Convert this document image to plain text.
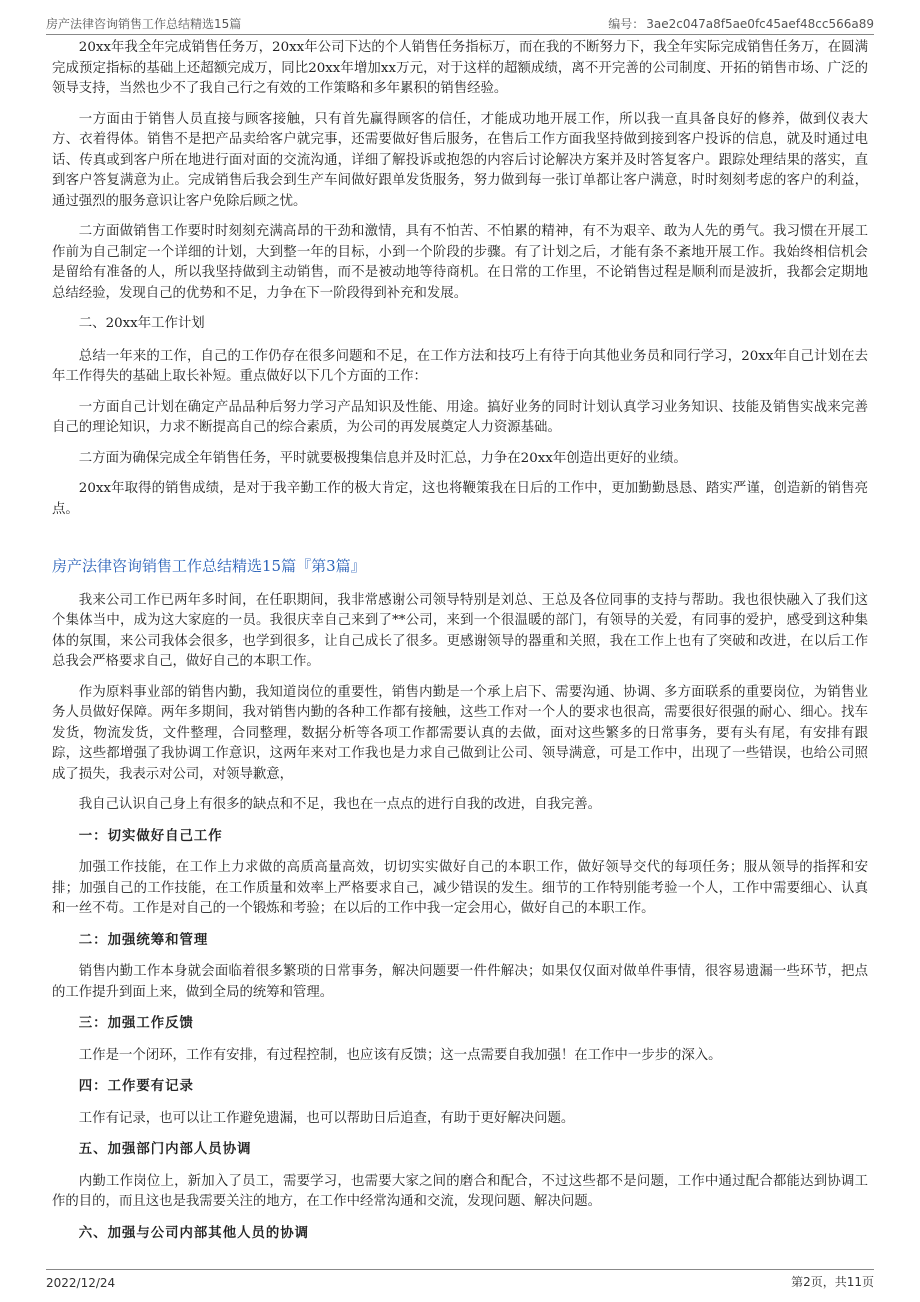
房产法律咨询销售工作总结精选15篇	编号： 3ae2c047a8f5ae0fc45aef48cc566a89

20xx年我全年完成销售任务万，20xx年公司下达的个人销售任务指标万，而在我的不断努力下，我全年实际完成销售任务万，在圆满完成预定指标的基础上还超额完成万，同比20xx年增加xx万元，对于这样的超额成绩，离不开完善的公司制度、开拓的销售市场、广泛的领导支持，当然也少不了我自己行之有效的工作策略和多年累积的销售经验。

一方面由于销售人员直接与顾客接触，只有首先赢得顾客的信任，才能成功地开展工作，所以我一直具备良好的修养，做到仪表大方、衣着得体。销售不是把产品卖给客户就完事，还需要做好售后服务，在售后工作方面我坚持做到接到客户投诉的信息，就及时通过电话、传真或到客户所在地进行面对面的交流沟通，详细了解投诉或抱怨的内容后讨论解决方案并及时答复客户。跟踪处理结果的落实，直到客户答复满意为止。完成销售后我会到生产车间做好跟单发货服务，努力做到每一张订单都让客户满意，时时刻刻考虑的客户的利益，通过强烈的服务意识让客户免除后顾之忧。

二方面做销售工作要时时刻刻充满高昂的干劲和激情，具有不怕苦、不怕累的精神，有不为艰辛、敢为人先的勇气。我习惯在开展工作前为自己制定一个详细的计划，大到整一年的目标，小到一个阶段的步骤。有了计划之后，才能有条不紊地开展工作。我始终相信机会是留给有准备的人，所以我坚持做到主动销售，而不是被动地等待商机。在日常的工作里，不论销售过程是顺利而是波折，我都会定期地总结经验，发现自己的优势和不足，力争在下一阶段得到补充和发展。

二、20xx年工作计划

总结一年来的工作，自己的工作仍存在很多问题和不足，在工作方法和技巧上有待于向其他业务员和同行学习，20xx年自己计划在去年工作得失的基础上取长补短。重点做好以下几个方面的工作：

一方面自己计划在确定产品品种后努力学习产品知识及性能、用途。搞好业务的同时计划认真学习业务知识、技能及销售实战来完善自己的理论知识，力求不断提高自己的综合素质，为公司的再发展奠定人力资源基础。

二方面为确保完成全年销售任务，平时就要极搜集信息并及时汇总，力争在20xx年创造出更好的业绩。

20xx年取得的销售成绩，是对于我辛勤工作的极大肯定，这也将鞭策我在日后的工作中，更加勤勤恳恳、踏实严谨，创造新的销售亮点。

房产法律咨询销售工作总结精选15篇『第3篇』

我来公司工作已两年多时间，在任职期间，我非常感谢公司领导特别是刘总、王总及各位同事的支持与帮助。我也很快融入了我们这个集体当中，成为这大家庭的一员。我很庆幸自己来到了**公司，来到一个很温暖的部门，有领导的关爱，有同事的爱护，感受到这种集体的氛围，来公司我体会很多，也学到很多，让自己成长了很多。更感谢领导的器重和关照，我在工作上也有了突破和改进，在以后工作总我会严格要求自己，做好自己的本职工作。

作为原料事业部的销售内勤，我知道岗位的重要性，销售内勤是一个承上启下、需要沟通、协调、多方面联系的重要岗位，为销售业务人员做好保障。两年多期间，我对销售内勤的各种工作都有接触，这些工作对一个人的要求也很高，需要很好很强的耐心、细心。找车发货，物流发货，文件整理，合同整理，数据分析等各项工作都需要认真的去做，面对这些繁多的日常事务，要有头有尾，有安排有跟踪，这些都增强了我协调工作意识，这两年来对工作我也是力求自己做到让公司、领导满意，可是工作中，出现了一些错误，也给公司照成了损失，我表示对公司，对领导歉意，

我自己认识自己身上有很多的缺点和不足，我也在一点点的进行自我的改进，自我完善。

一：切实做好自己工作

加强工作技能，在工作上力求做的高质高量高效，切切实实做好自己的本职工作，做好领导交代的每项任务；服从领导的指挥和安排；加强自己的工作技能，在工作质量和效率上严格要求自己，减少错误的发生。细节的工作特别能考验一个人，工作中需要细心、认真和一丝不苟。工作是对自己的一个锻炼和考验；在以后的工作中我一定会用心，做好自己的本职工作。

二：加强统筹和管理

销售内勤工作本身就会面临着很多繁琐的日常事务，解决问题要一件件解决；如果仅仅面对做单件事情，很容易遗漏一些环节，把点的工作提升到面上来，做到全局的统筹和管理。

三：加强工作反馈

工作是一个闭环，工作有安排，有过程控制，也应该有反馈；这一点需要自我加强！在工作中一步步的深入。

四：工作要有记录

工作有记录，也可以让工作避免遗漏，也可以帮助日后追查，有助于更好解决问题。

五、加强部门内部人员协调

内勤工作岗位上，新加入了员工，需要学习，也需要大家之间的磨合和配合，不过这些都不是问题，工作中通过配合都能达到协调工作的目的，而且这也是我需要关注的地方，在工作中经常沟通和交流，发现问题、解决问题。

六、加强与公司内部其他人员的协调

2022/12/24	第2页，共11页
